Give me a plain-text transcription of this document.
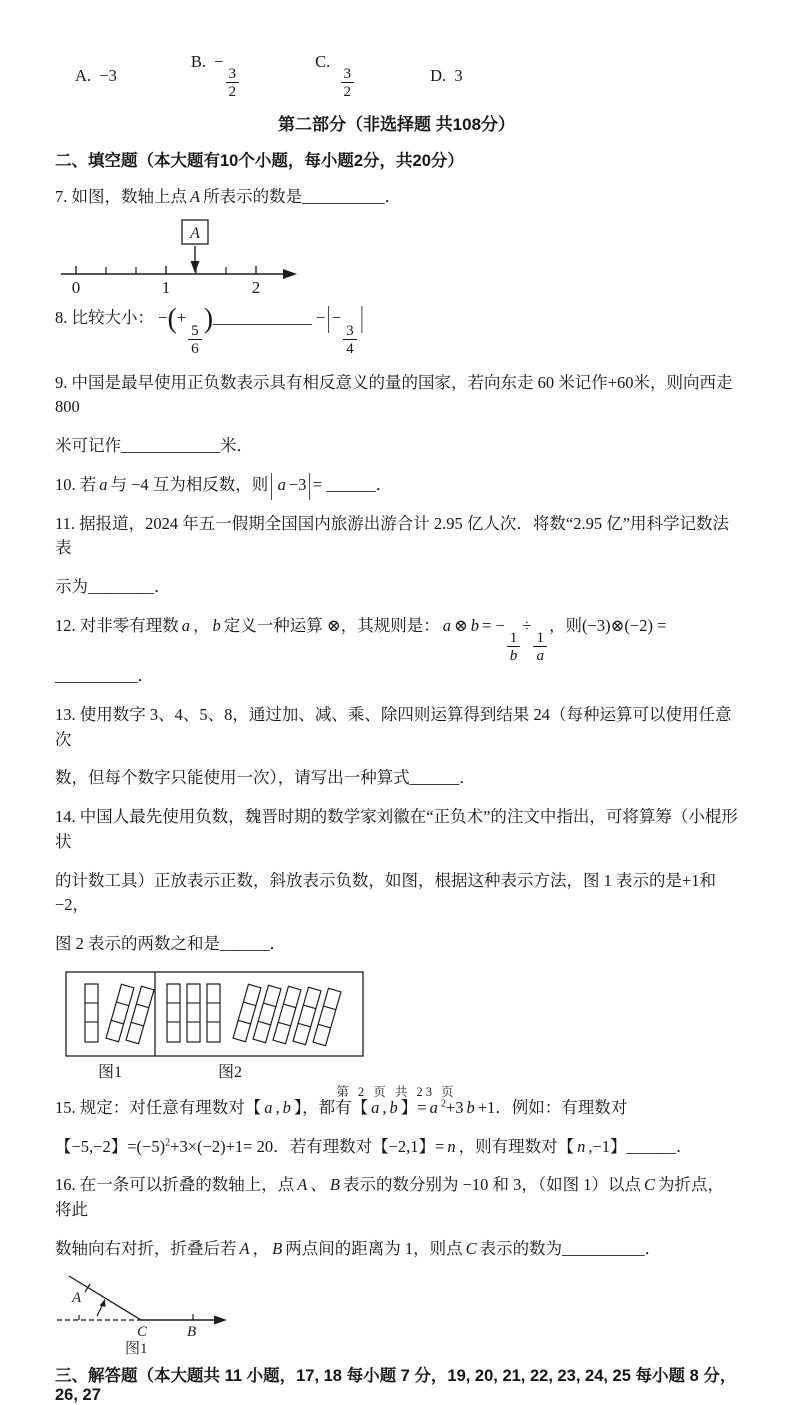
A.  −3
B.  −
$\frac{3}{2}$
C.
$\frac{3}{2}$	D.  3
第二部分（非选择题 共108分）
二、填空题（本大题有10个小题，每小题2分，共20分）
7. 如图，数轴上点 A 所表示的数是__________．
0	1	2
A
8. 比较大小： −(+
$\frac{5}{6}$
)____________ −|−
$\frac{3}{4}$
|
9. 中国是最早使用正负数表示具有相反意义的量的国家，若向东走 60 米记作+60米，则向西走 800
米可记作____________米．
10. 若 a 与 −4 互为相反数，则| a −3|= ______．
11. 据报道，2024 年五一假期全国国内旅游出游合计 2.95 亿人次．将数“2.95 亿”用科学记数法表
示为________．
12. 对非零有理数 a ， b 定义一种运算 ⊗，其规则是： a ⊗ b = −
$\frac{1}{b}$
÷
$\frac{1}{a}$
，则(−3)⊗(−2) = __________．
13. 使用数字 3、4、5、8，通过加、减、乘、除四则运算得到结果 24（每种运算可以使用任意次
数，但每个数字只能使用一次），请写出一种算式______．
14. 中国人最先使用负数，魏晋时期的数学家刘徽在“正负术”的注文中指出，可将算筹（小棍形状
的计数工具）正放表示正数，斜放表示负数，如图，根据这种表示方法，图 1 表示的是+1和−2，
图 2 表示的两数之和是______．
图1	图2
15. 规定：对任意有理数对【 a , b 】，都有【 a , b 】= a $^2$+3 b +1．例如：有理数对
【−5,−2】$=(-5)^2+3\times(-2)+1= 20$．若有理数对【−2,1】= n ，则有理数对【 n ,−1】______．
16. 在一条可以折叠的数轴上，点 A 、 B 表示的数分别为 −10 和 3，（如图 1）以点 C 为折点，将此
数轴向右对折，折叠后若 A ， B 两点间的距离为 1，则点 C 表示的数为__________．
A
C	B
图1
三、解答题（本大题共 11 小题，17, 18 每小题 7 分，19, 20, 21, 22, 23, 24, 25 每小题 8 分，26, 27
第 2 页 共 23 页
